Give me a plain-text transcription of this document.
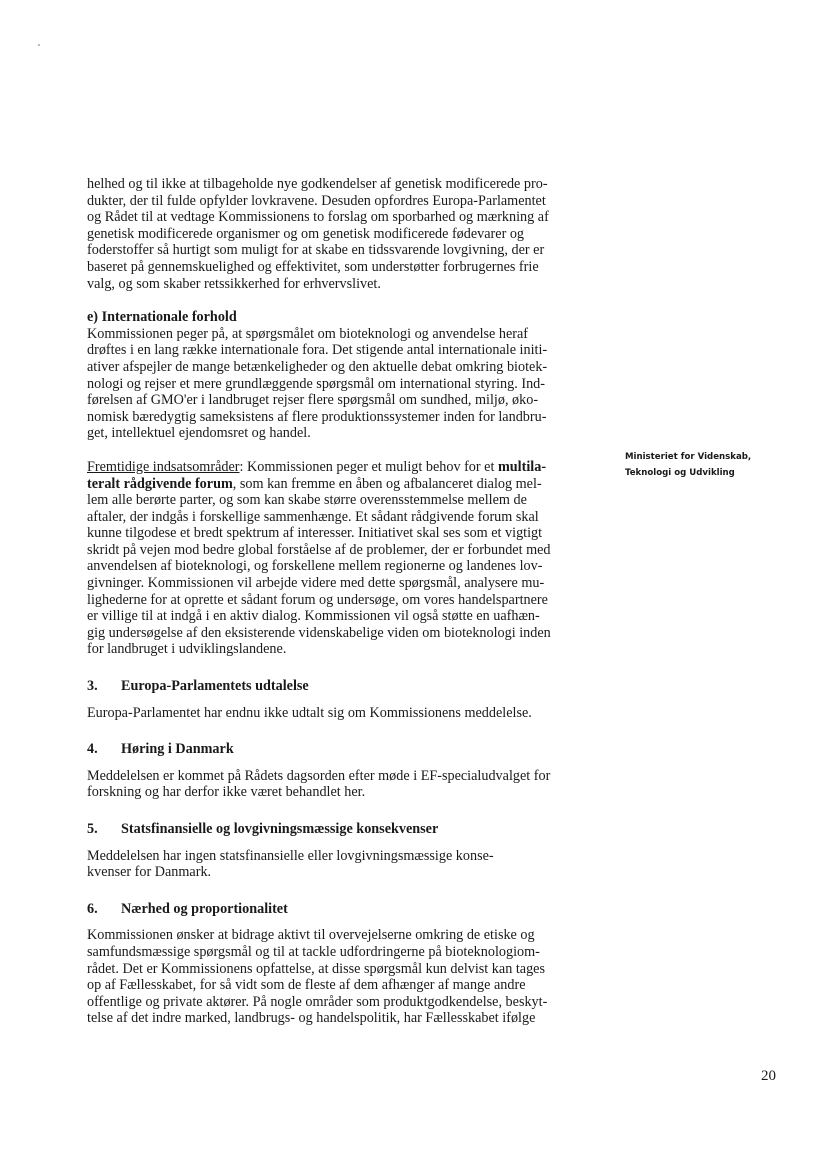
helhed og til ikke at tilbageholde nye godkendelser af genetisk modificerede pro-
dukter, der til fulde opfylder lovkravene. Desuden opfordres Europa-Parlamentet
og Rådet til at vedtage Kommissionens to forslag om sporbarhed og mærkning af
genetisk modificerede organismer og om genetisk modificerede fødevarer og
foderstoffer så hurtigt som muligt for at skabe en tidssvarende lovgivning, der er
baseret på gennemskuelighed og effektivitet, som understøtter forbrugernes frie
valg, og som skaber retssikkerhed for erhvervslivet.
e) Internationale forhold
Kommissionen peger på, at spørgsmålet om bioteknologi og anvendelse heraf
drøftes i en lang række internationale fora. Det stigende antal internationale initi-
ativer afspejler de mange betænkeligheder og den aktuelle debat omkring biotek-
nologi og rejser et mere grundlæggende spørgsmål om international styring. Ind-
førelsen af GMO'er i landbruget rejser flere spørgsmål om sundhed, miljø, øko-
nomisk bæredygtig sameksistens af flere produktionssystemer inden for landbru-
get, intellektuel ejendomsret og handel.
Fremtidige indsatsområder: Kommissionen peger et muligt behov for et multila-
teralt rådgivende forum, som kan fremme en åben og afbalanceret dialog mel-
lem alle berørte parter, og som kan skabe større overensstemmelse mellem de
aftaler, der indgås i forskellige sammenhænge. Et sådant rådgivende forum skal
kunne tilgodese et bredt spektrum af interesser. Initiativet skal ses som et vigtigt
skridt på vejen mod bedre global forståelse af de problemer, der er forbundet med
anvendelsen af bioteknologi, og forskellene mellem regionerne og landenes lov-
givninger. Kommissionen vil arbejde videre med dette spørgsmål, analysere mu-
lighederne for at oprette et sådant forum og undersøge, om vores handelspartnere
er villige til at indgå i en aktiv dialog. Kommissionen vil også støtte en uafhæn-
gig undersøgelse af den eksisterende videnskabelige viden om bioteknologi inden
for landbruget i udviklingslandene.
3.	Europa-Parlamentets udtalelse
Europa-Parlamentet har endnu ikke udtalt sig om Kommissionens meddelelse.
4.	Høring i Danmark
Meddelelsen er kommet på Rådets dagsorden efter møde i EF-specialudvalget for
forskning og har derfor ikke været behandlet her.
5.	Statsfinansielle og lovgivningsmæssige konsekvenser
Meddelelsen har ingen statsfinansielle eller lovgivningsmæssige konse-
kvenser for Danmark.
6.	Nærhed og proportionalitet
Kommissionen ønsker at bidrage aktivt til overvejelserne omkring de etiske og
samfundsmæssige spørgsmål og til at tackle udfordringerne på bioteknologiom-
rådet. Det er Kommissionens opfattelse, at disse spørgsmål kun delvist kan tages
op af Fællesskabet, for så vidt som de fleste af dem afhænger af mange andre
offentlige og private aktører. På nogle områder som produktgodkendelse, beskyt-
telse af det indre marked, landbrugs- og handelspolitik, har Fællesskabet ifølge
Ministeriet for Videnskab,
Teknologi og Udvikling
20
